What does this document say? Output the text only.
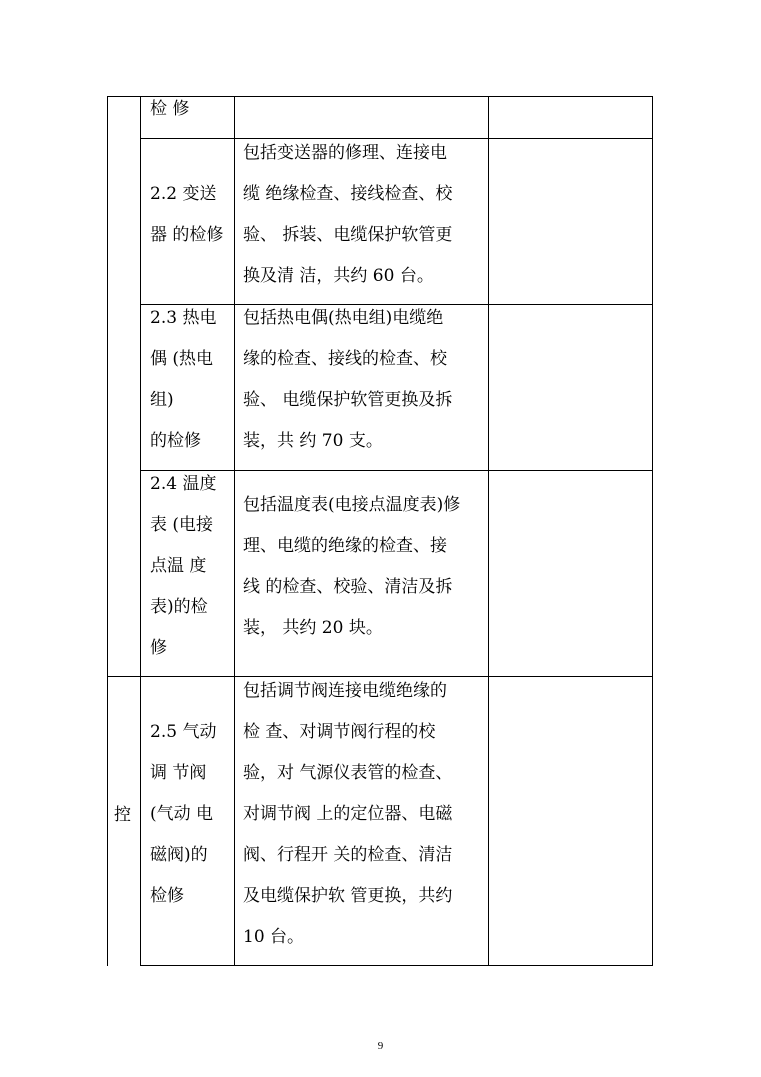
检 修
2.2 变送
器 的检修
包括变送器的修理、连接电
缆 绝缘检查、接线检查、校
验、 拆装、电缆保护软管更
换及清 洁，共约 60 台。
2.3 热电
偶 (热电
组)
的检修
包括热电偶(热电组)电缆绝
缘的检查、接线的检查、校
验、 电缆保护软管更换及拆
装，共 约 70 支。
2.4 温度
表 (电接
点温 度
表)的检
修
包括温度表(电接点温度表)修
理、电缆的绝缘的检查、接
线 的检查、校验、清洁及拆
装， 共约 20 块。
控
2.5 气动
调 节阀
(气动 电
磁阀)的
检修
包括调节阀连接电缆绝缘的
检 查、对调节阀行程的校
验，对 气源仪表管的检查、
对调节阀 上的定位器、电磁
阀、行程开 关的检查、清洁
及电缆保护软 管更换，共约
10 台。
9
